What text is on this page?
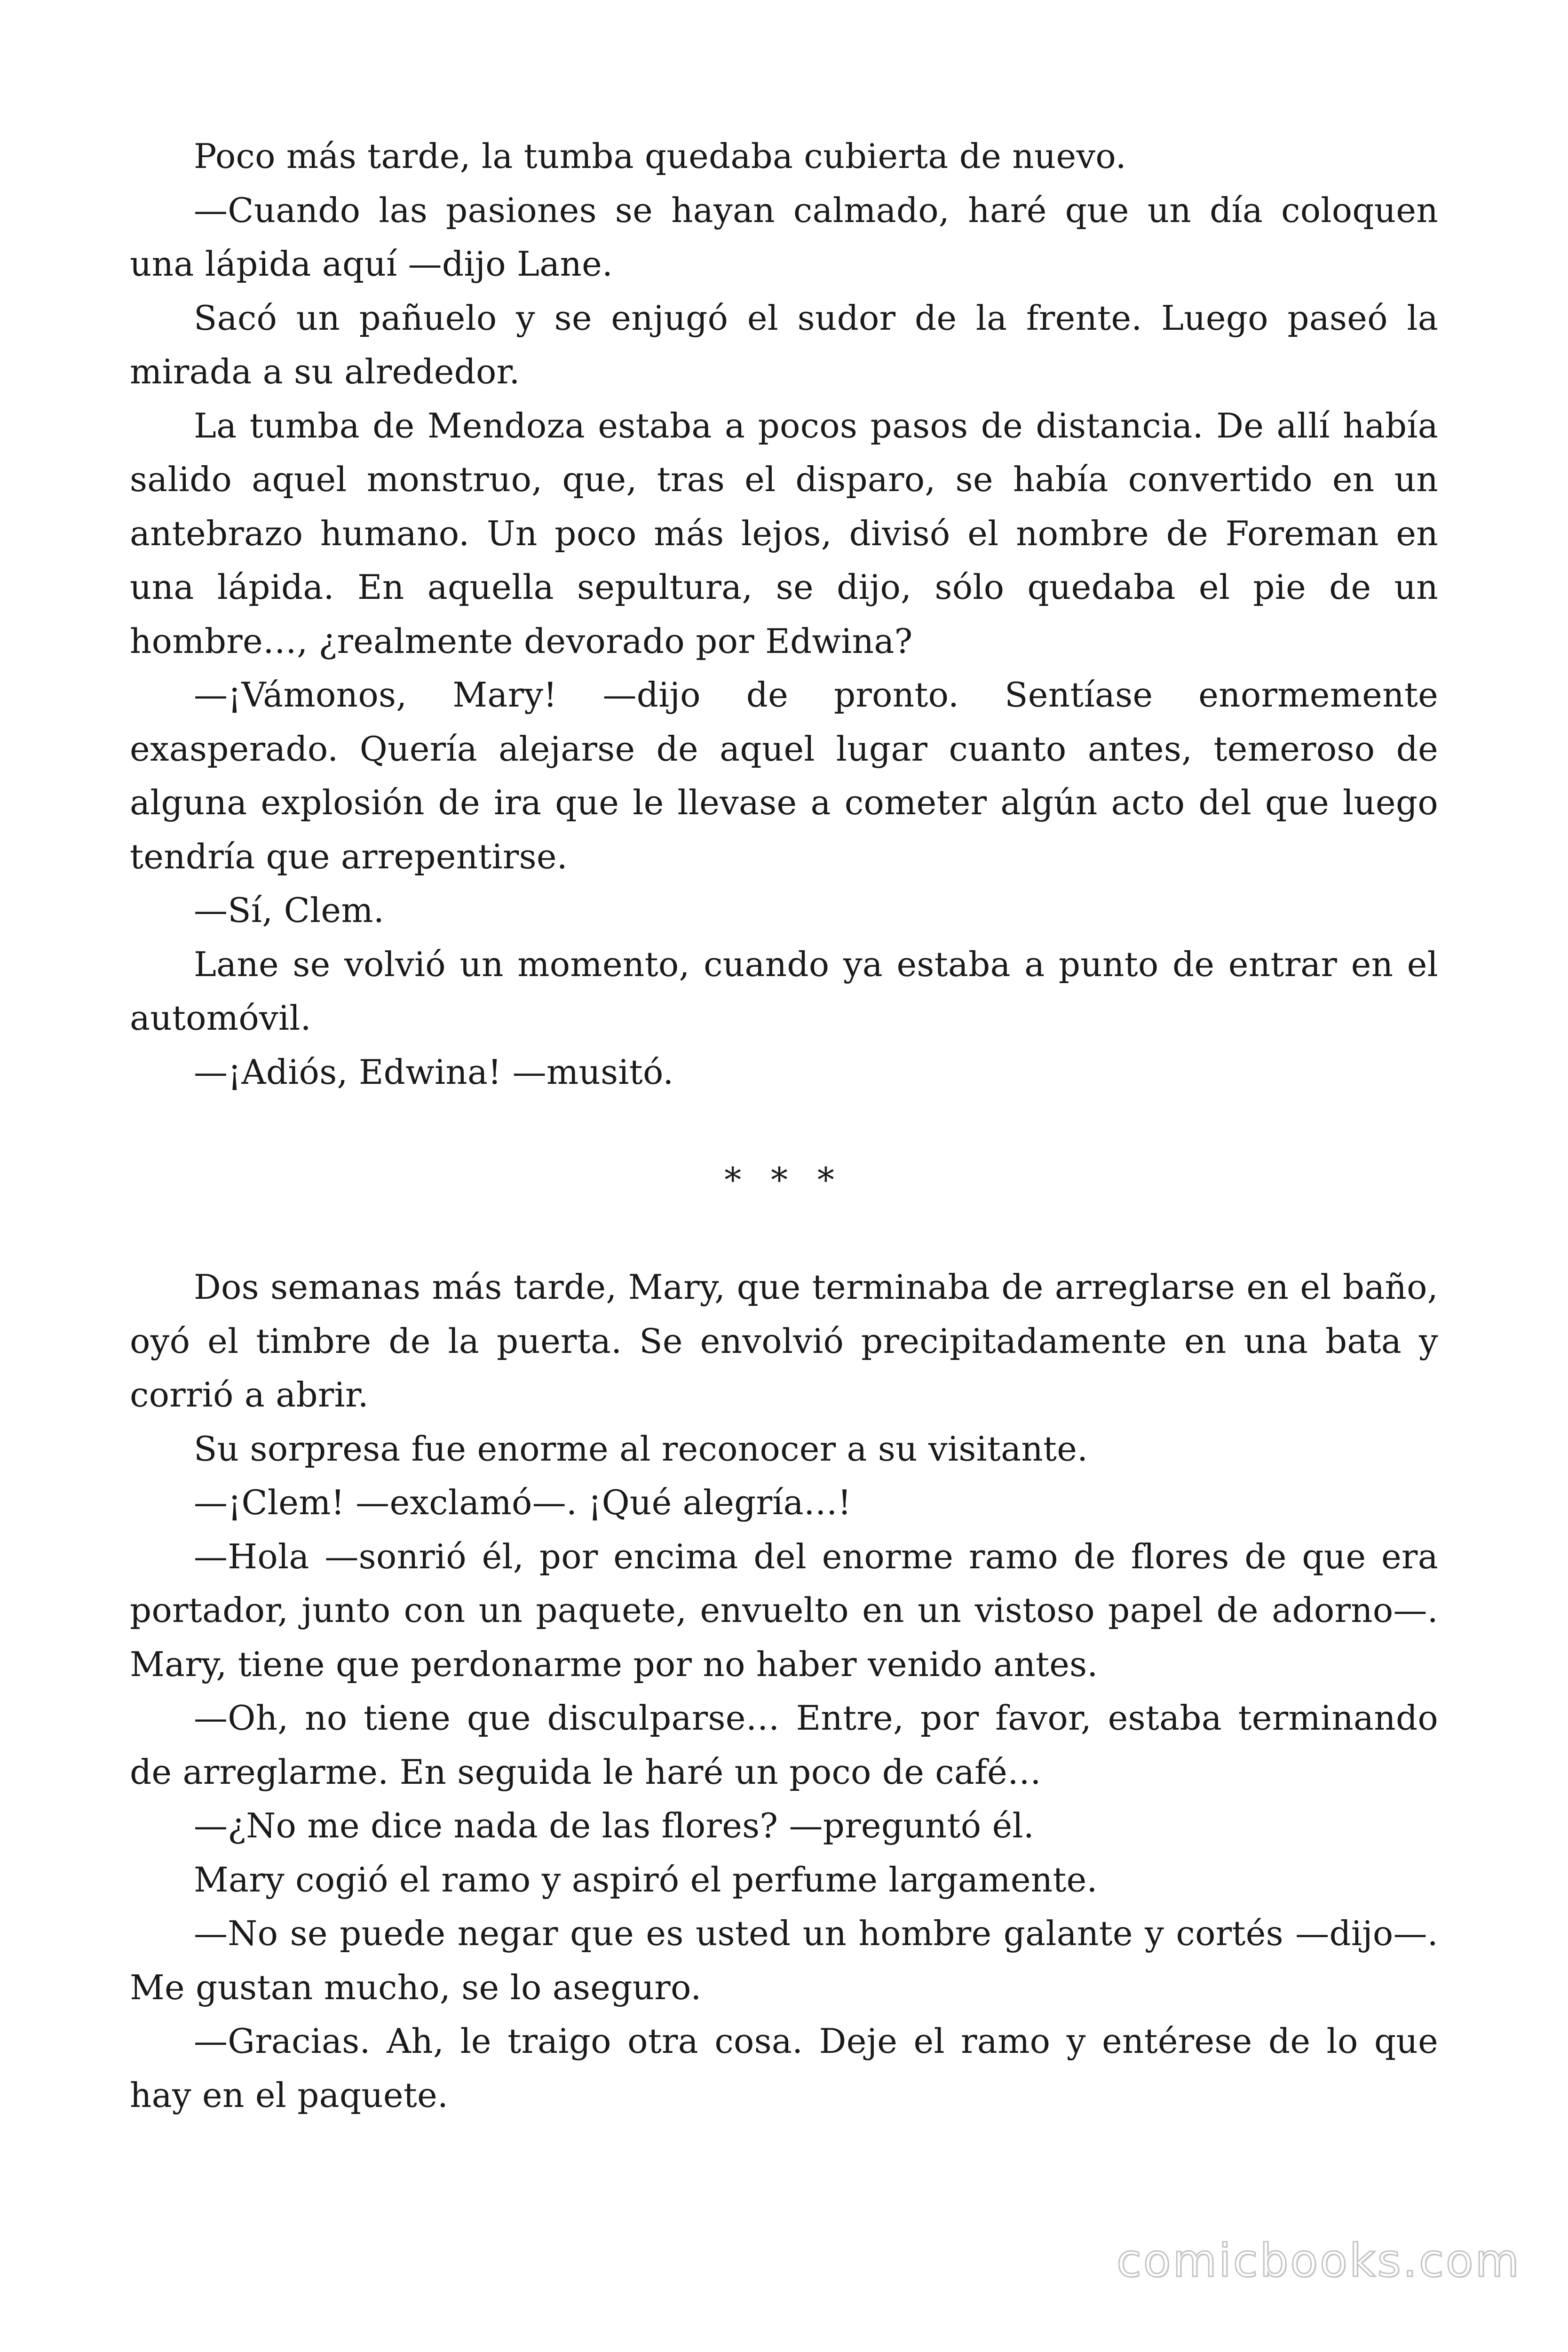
Poco más tarde, la tumba quedaba cubierta de nuevo.

—Cuando las pasiones se hayan calmado, haré que un día coloquen una lápida aquí —dijo Lane.

Sacó un pañuelo y se enjugó el sudor de la frente. Luego paseó la mirada a su alrededor.

La tumba de Mendoza estaba a pocos pasos de distancia. De allí había salido aquel monstruo, que, tras el disparo, se había convertido en un antebrazo humano. Un poco más lejos, divisó el nombre de Foreman en una lápida. En aquella sepultura, se dijo, sólo quedaba el pie de un hombre…, ¿realmente devorado por Edwina?

—¡Vámonos, Mary! —dijo de pronto. Sentíase enormemente exasperado. Quería alejarse de aquel lugar cuanto antes, temeroso de alguna explosión de ira que le llevase a cometer algún acto del que luego tendría que arrepentirse.

—Sí, Clem.

Lane se volvió un momento, cuando ya estaba a punto de entrar en el automóvil.

—¡Adiós, Edwina! —musitó.

* * *

Dos semanas más tarde, Mary, que terminaba de arreglarse en el baño, oyó el timbre de la puerta. Se envolvió precipitadamente en una bata y corrió a abrir.

Su sorpresa fue enorme al reconocer a su visitante.

—¡Clem! —exclamó—. ¡Qué alegría…!

—Hola —sonrió él, por encima del enorme ramo de flores de que era portador, junto con un paquete, envuelto en un vistoso papel de adorno—. Mary, tiene que perdonarme por no haber venido antes.

—Oh, no tiene que disculparse… Entre, por favor, estaba terminando de arreglarme. En seguida le haré un poco de café…

—¿No me dice nada de las flores? —preguntó él.

Mary cogió el ramo y aspiró el perfume largamente.

—No se puede negar que es usted un hombre galante y cortés —dijo—. Me gustan mucho, se lo aseguro.

—Gracias. Ah, le traigo otra cosa. Deje el ramo y entérese de lo que hay en el paquete.

comicbooks.com
